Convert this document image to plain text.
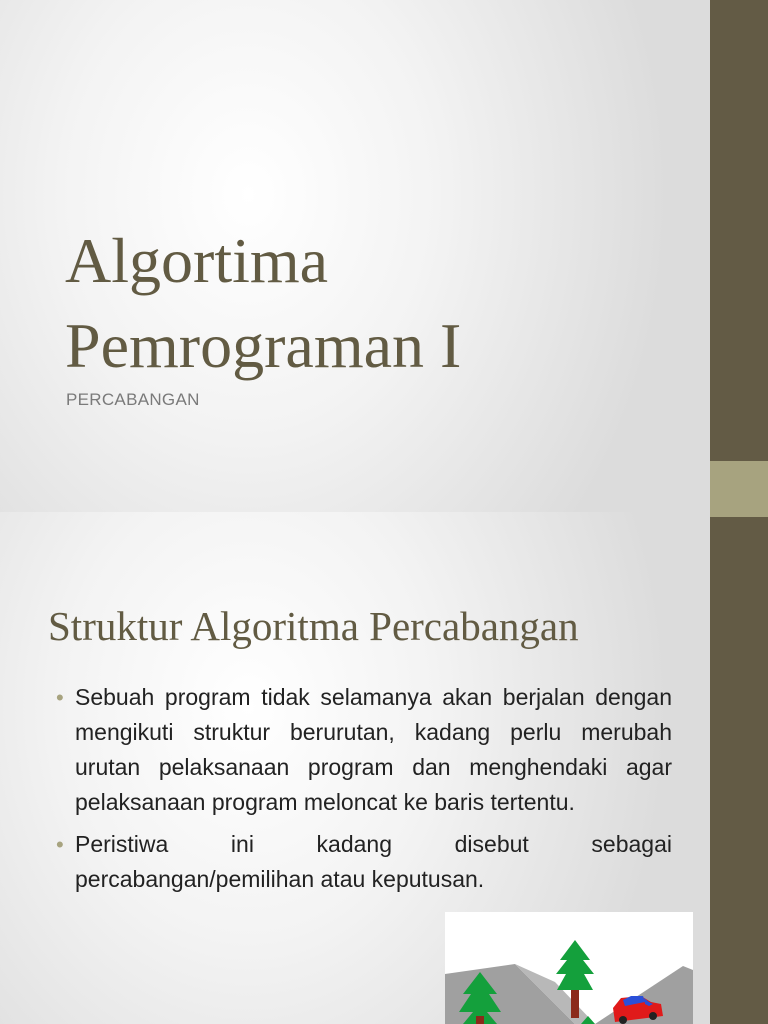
Algortima
Pemrograman I

PERCABANGAN

Struktur Algoritma Percabangan
• Sebuah program tidak selamanya akan berjalan dengan mengikuti struktur berurutan, kadang perlu merubah urutan pelaksanaan program dan menghendaki agar pelaksanaan program meloncat ke baris tertentu.
• Peristiwa ini kadang disebut sebagai percabangan/pemilihan atau keputusan.
